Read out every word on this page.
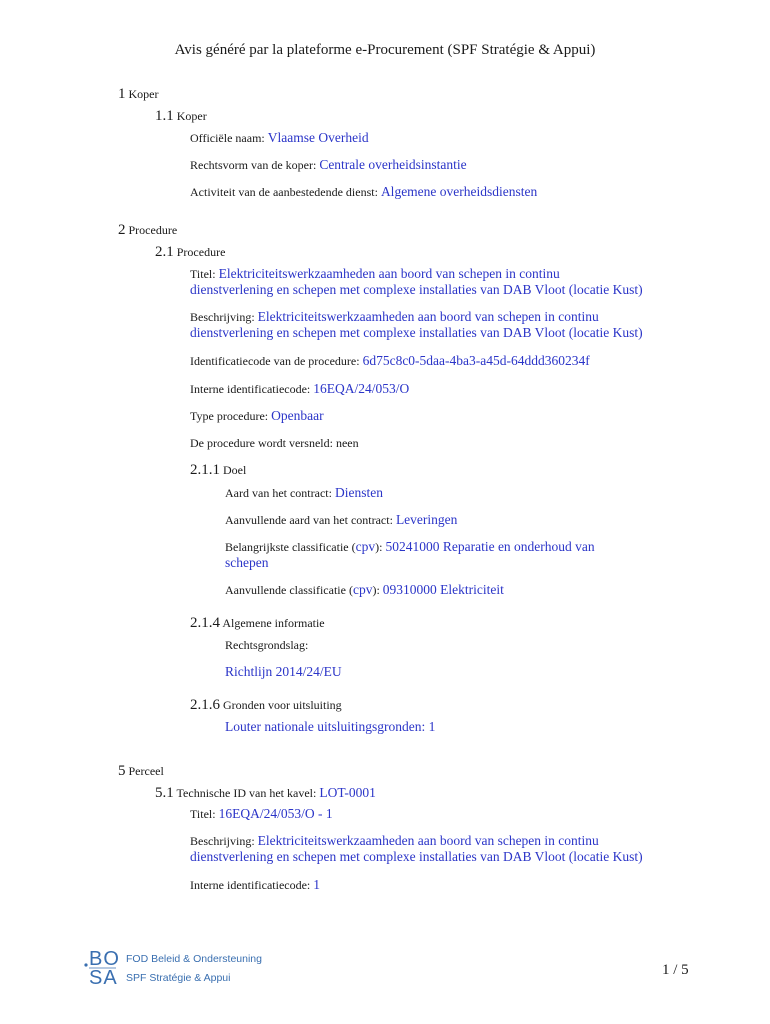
Avis généré par la plateforme e-Procurement (SPF Stratégie & Appui)
1 Koper
1.1 Koper
Officiële naam: Vlaamse Overheid
Rechtsvorm van de koper: Centrale overheidsinstantie
Activiteit van de aanbestedende dienst: Algemene overheidsdiensten
2 Procedure
2.1 Procedure
Titel: Elektriciteitswerkzaamheden aan boord van schepen in continu
dienstverlening en schepen met complexe installaties van DAB Vloot (locatie Kust)
Beschrijving: Elektriciteitswerkzaamheden aan boord van schepen in continu
dienstverlening en schepen met complexe installaties van DAB Vloot (locatie Kust)
Identificatiecode van de procedure: 6d75c8c0-5daa-4ba3-a45d-64ddd360234f
Interne identificatiecode: 16EQA/24/053/O
Type procedure: Openbaar
De procedure wordt versneld: neen
2.1.1 Doel
Aard van het contract: Diensten
Aanvullende aard van het contract: Leveringen
Belangrijkste classificatie (cpv): 50241000 Reparatie en onderhoud van
schepen
Aanvullende classificatie (cpv): 09310000 Elektriciteit
2.1.4 Algemene informatie
Rechtsgrondslag:
Richtlijn 2014/24/EU
2.1.6 Gronden voor uitsluiting
Louter nationale uitsluitingsgronden: 1
5 Perceel
5.1 Technische ID van het kavel: LOT-0001
Titel: 16EQA/24/053/O - 1
Beschrijving: Elektriciteitswerkzaamheden aan boord van schepen in continu
dienstverlening en schepen met complexe installaties van DAB Vloot (locatie Kust)
Interne identificatiecode: 1
BO
SA
FOD Beleid & Ondersteuning
SPF Stratégie & Appui	1 / 5
